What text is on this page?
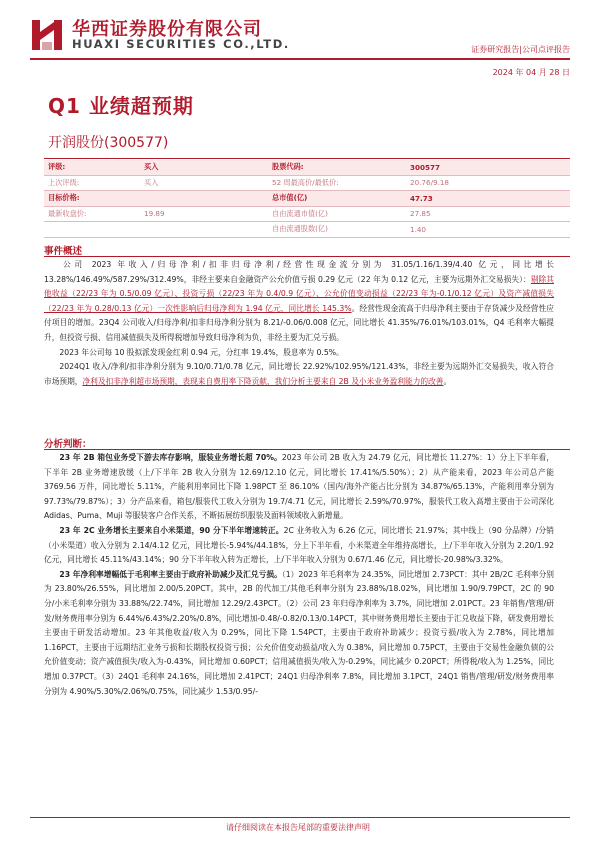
华西证券股份有限公司
HUAXI SECURITIES CO.,LTD.	证券研究报告|公司点评报告
2024 年 04 月 28 日
Q1 业绩超预期
开润股份(300577)
评级:	买入	股票代码:	300577
上次评级:	买入	52 周最高价/最低价:	20.76/9.18
目标价格:		总市值(亿)	47.73
最新收盘价:	19.89	自由流通市值(亿)	27.85
		自由流通股数(亿)	1.40
事件概述

  公司 2023 年收入/归母净利/扣非归母净利/经营性现金流分别为 31.05/1.16/1.39/4.40 亿元，同比增长 13.28%/146.49%/587.29%/312.49%，非经主要来自金融资产公允价值亏损 0.29 亿元（22 年为 0.12 亿元，主要为远期外汇交易损失）：剔除其他收益（22/23 年为 0.5/0.09 亿元）、投资亏损（22/23 年为 0.4/0.9 亿元）、公允价值变动损益（22/23 年为-0.1/0.12 亿元）及资产减值损失（22/23 年为 0.28/0.13 亿元）一次性影响后归母净利为 1.94 亿元，同比增长 145.3%。经营性现金流高于归母净利主要由于存货减少及经营性应付项目的增加。23Q4 公司收入/归母净利/扣非归母净利分别为 8.21/-0.06/0.008 亿元，同比增长 41.35%/76.01%/103.01%，Q4 毛利率大幅提升，但投资亏损、信用减值损失及所得税增加导致归母净利为负，非经主要为汇兑亏损。

  2023 年公司每 10 股拟派发现金红利 0.94 元，分红率 19.4%，股息率为 0.5%。

  2024Q1 收入/净利/扣非净利分别为 9.10/0.71/0.78 亿元，同比增长 22.92%/102.95%/121.43%，非经主要为远期外汇交易损失，收入符合市场预期，净利及扣非净利超市场预期，表现来自费用率下降贡献，我们分析主要来自 2B 及小米业务盈利能力的改善。

分析判断：

  23 年 2B 箱包业务受下游去库存影响，服装业务增长超 70%。2023 年公司 2B 收入为 24.79 亿元，同比增长 11.27%：1）分上下半年看，下半年 2B 业务增速放缓（上/下半年 2B 收入分别为 12.69/12.10 亿元，同比增长 17.41%/5.50%）；2）从产能来看，2023 年公司总产能 3769.56 万件，同比增长 5.11%，产能利用率同比下降 1.98PCT 至 86.10%（国内/海外产能占比分别为 34.87%/65.13%，产能利用率分别为 97.73%/79.87%）；3）分产品来看，箱包/服装代工收入分别为 19.7/4.71 亿元，同比增长 2.59%/70.97%，服装代工收入高增主要由于公司深化 Adidas、Puma、Muji 等服装客户合作关系，不断拓展纺织服装及面料领域收入新增量。

  23 年 2C 业务增长主要来自小米渠道，90 分下半年增速转正。2C 业务收入为 6.26 亿元，同比增长 21.97%；其中线上（90 分品牌）/分销（小米渠道）收入分别为 2.14/4.12 亿元，同比增长-5.94%/44.18%，分上下半年看，小米渠道全年维持高增长，上/下半年收入分别为 2.20/1.92 亿元，同比增长 45.11%/43.14%；90 分下半年收入转为正增长，上/下半年收入分别为 0.67/1.46 亿元，同比增长-20.98%/3.32%。

  23 年净利率增幅低于毛利率主要由于政府补助减少及汇兑亏损。（1）2023 年毛利率为 24.35%，同比增加 2.73PCT：其中 2B/2C 毛利率分别为 23.80%/26.55%，同比增加 2.00/5.20PCT。其中，2B 的代加工/其他毛利率分别为 23.88%/18.02%，同比增加 1.90/9.79PCT，2C 的 90 分/小米毛利率分别为 33.88%/22.74%，同比增加 12.29/2.43PCT。（2）公司 23 年归母净利率为 3.7%，同比增加 2.01PCT。23 年销售/管理/研发/财务费用率分别为 6.44%/6.43%/2.20%/0.8%，同比增加-0.48/-0.82/0.13/0.14PCT，其中财务费用增长主要由于汇兑收益下降，研发费用增长主要由于研发活动增加。23 年其他收益/收入为 0.29%，同比下降 1.54PCT，主要由于政府补助减少；投资亏损/收入为 2.78%，同比增加 1.16PCT，主要由于远期结汇业务亏损和长期股权投资亏损；公允价值变动损益/收入为 0.38%，同比增加 0.75PCT，主要由于交易性金融负债的公允价值变动；资产减值损失/收入为-0.43%，同比增加 0.60PCT；信用减值损失/收入为-0.29%，同比减少 0.20PCT；所得税/收入为 1.25%，同比增加 0.37PCT。（3）24Q1 毛利率 24.16%，同比增加 2.41PCT；24Q1 归母净利率 7.8%，同比增加 3.1PCT，24Q1 销售/管理/研发/财务费用率分别为 4.90%/5.30%/2.06%/0.75%，同比减少 1.53/0.95/-

请仔细阅读在本报告尾部的重要法律声明
